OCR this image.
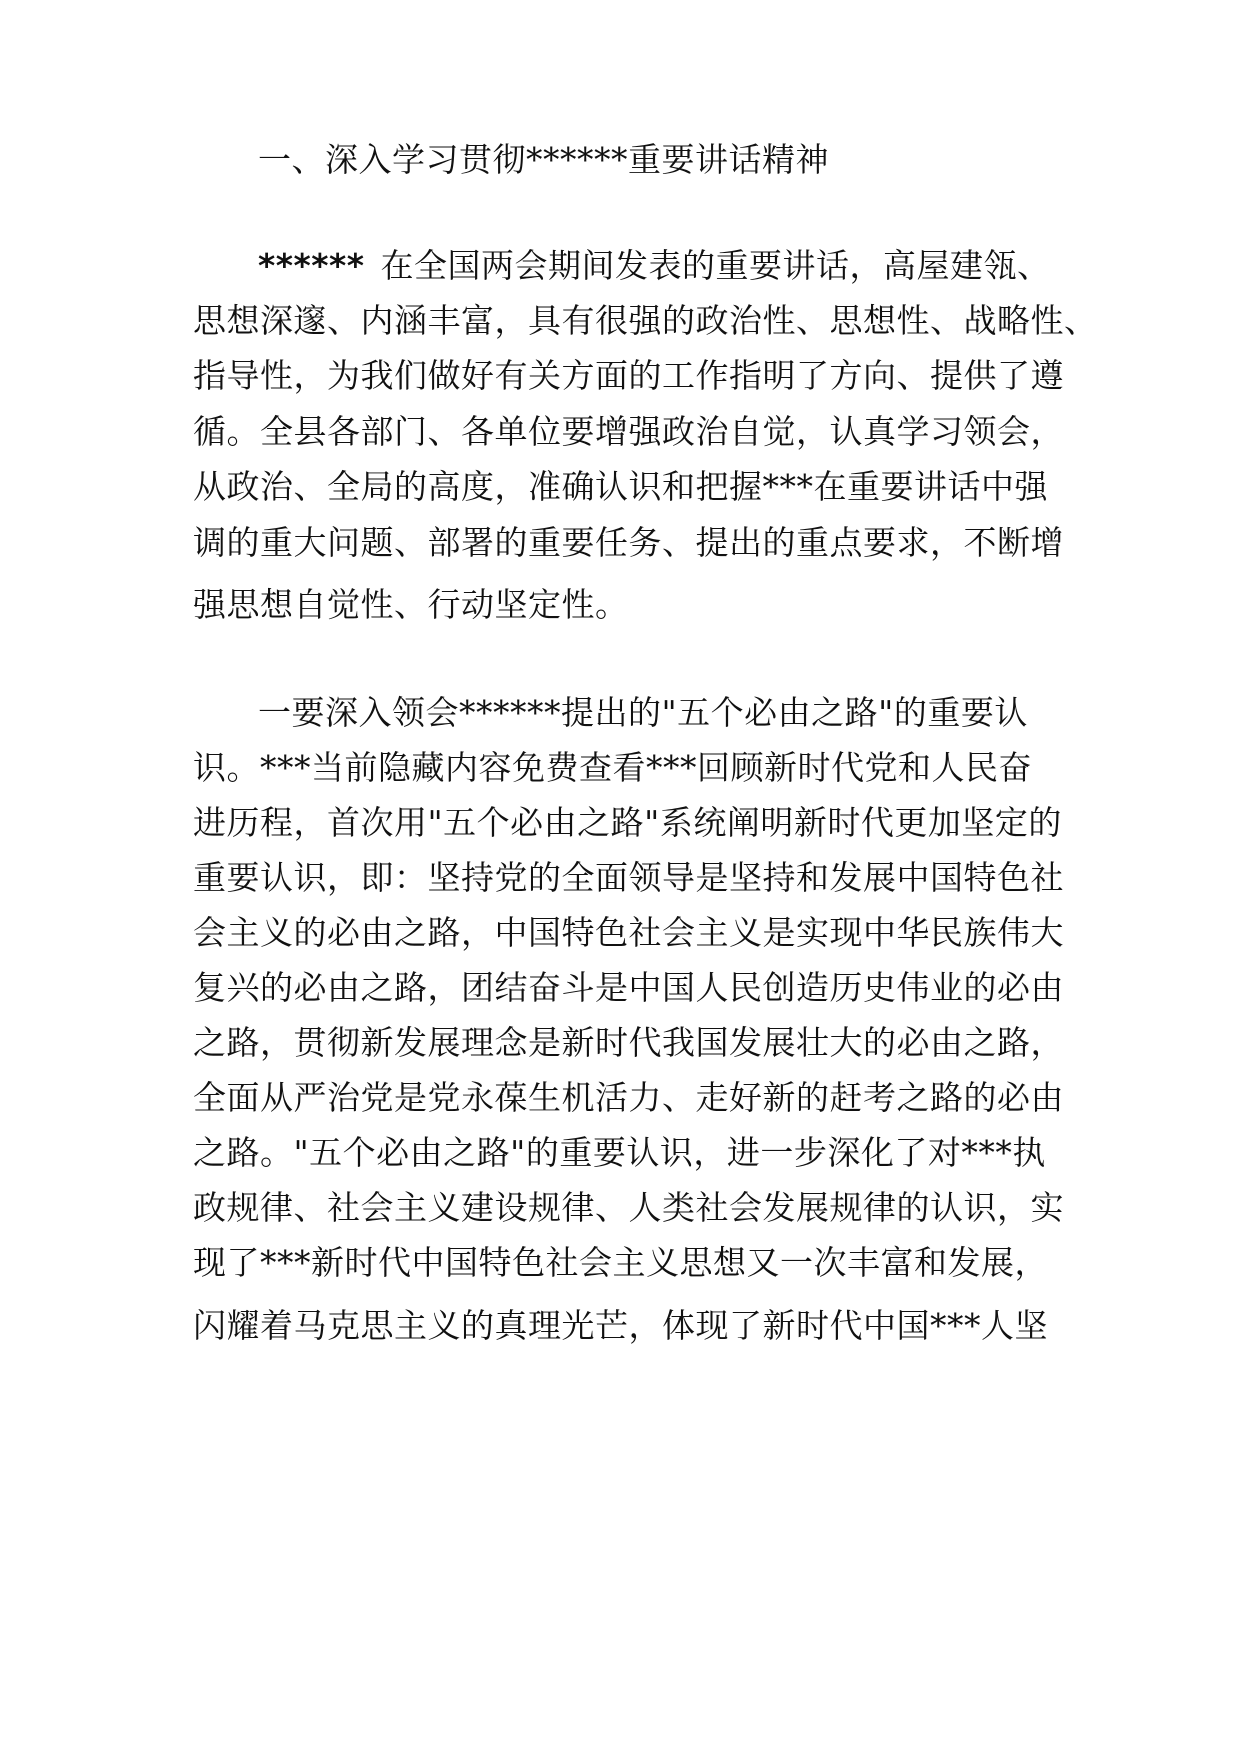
一、深入学习贯彻******重要讲话精神
****** 在全国两会期间发表的重要讲话，高屋建瓴、
思想深邃、内涵丰富，具有很强的政治性、思想性、战略性、
指导性，为我们做好有关方面的工作指明了方向、提供了遵
循。全县各部门、各单位要增强政治自觉，认真学习领会，
从政治、全局的高度，准确认识和把握***在重要讲话中强
调的重大问题、部署的重要任务、提出的重点要求，不断增
强思想自觉性、行动坚定性。
一要深入领会******提出的"五个必由之路"的重要认
识。***当前隐藏内容免费查看***回顾新时代党和人民奋
进历程，首次用"五个必由之路"系统阐明新时代更加坚定的
重要认识，即：坚持党的全面领导是坚持和发展中国特色社
会主义的必由之路，中国特色社会主义是实现中华民族伟大
复兴的必由之路，团结奋斗是中国人民创造历史伟业的必由
之路，贯彻新发展理念是新时代我国发展壮大的必由之路，
全面从严治党是党永葆生机活力、走好新的赶考之路的必由
之路。"五个必由之路"的重要认识，进一步深化了对***执
政规律、社会主义建设规律、人类社会发展规律的认识，实
现了***新时代中国特色社会主义思想又一次丰富和发展，
闪耀着马克思主义的真理光芒，体现了新时代中国***人坚
